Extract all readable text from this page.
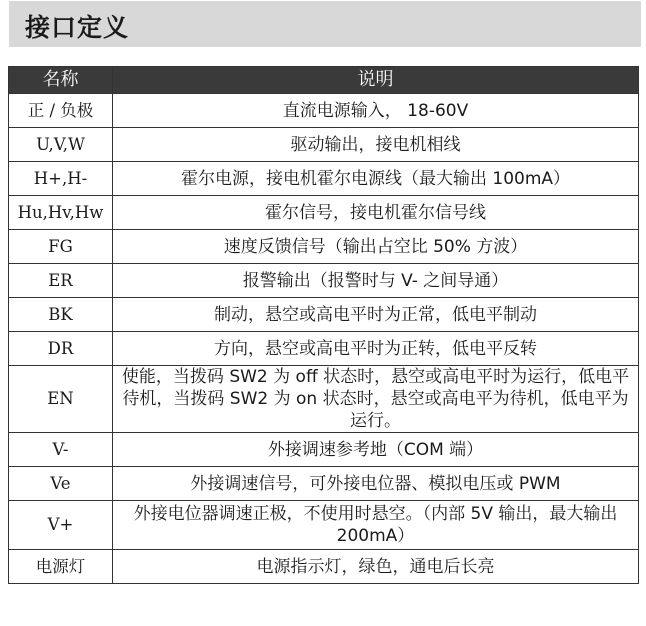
接口定义
名称	说明
正 / 负极	直流电源输入， 18-60V
U,V,W	驱动输出，接电机相线
H+,H-	霍尔电源，接电机霍尔电源线（最大输出 100mA）
Hu,Hv,Hw	霍尔信号，接电机霍尔信号线
FG	速度反馈信号（输出占空比 50% 方波）
ER	报警输出（报警时与 V- 之间导通）
BK	制动，悬空或高电平时为正常，低电平制动
DR	方向，悬空或高电平时为正转，低电平反转
EN	使能，当拨码 SW2 为 off 状态时，悬空或高电平时为运行，低电平待机，当拨码 SW2 为 on 状态时，悬空或高电平为待机，低电平为运行。
V-	外接调速参考地（COM 端）
Ve	外接调速信号，可外接电位器、模拟电压或 PWM
V+	外接电位器调速正极，不使用时悬空。（内部 5V 输出，最大输出 200mA）
电源灯	电源指示灯，绿色，通电后长亮
